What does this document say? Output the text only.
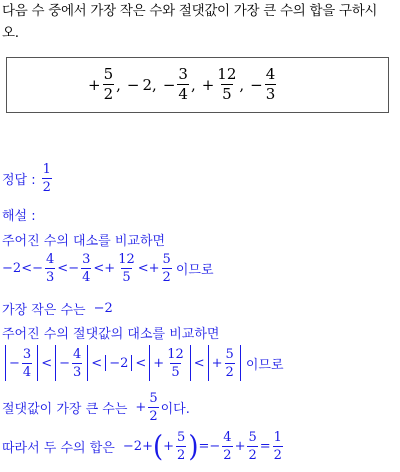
다음 수 중에서 가장 작은 수와 절댓값이 가장 큰 수의 합을 구하시
오.
+ $\frac{5}{2}$ , − 2 , − $\frac{3}{4}$ , + $\frac{12}{5}$ , − $\frac{4}{3}$
정답 : $\frac{1}{2}$
해설 :
주어진 수의 대소를 비교하면
− 2 < − $\frac{4}{3}$ < − $\frac{3}{4}$ < + $\frac{12}{5}$ < + $\frac{5}{2}$ 이므로
가장 작은 수는 −2
주어진 수의 절댓값의 대소를 비교하면
− $\frac{3}{4}$ < − $\frac{4}{3}$ < − 2 < + $\frac{12}{5}$ < + $\frac{5}{2}$ 이므로
절댓값이 가장 큰 수는 + $\frac{5}{2}$ 이다.
따라서 두 수의 합은 − 2 + ( + $\frac{5}{2}$ ) = − $\frac{4}{2} + \frac{5}{2} = \frac{1}{2}$
